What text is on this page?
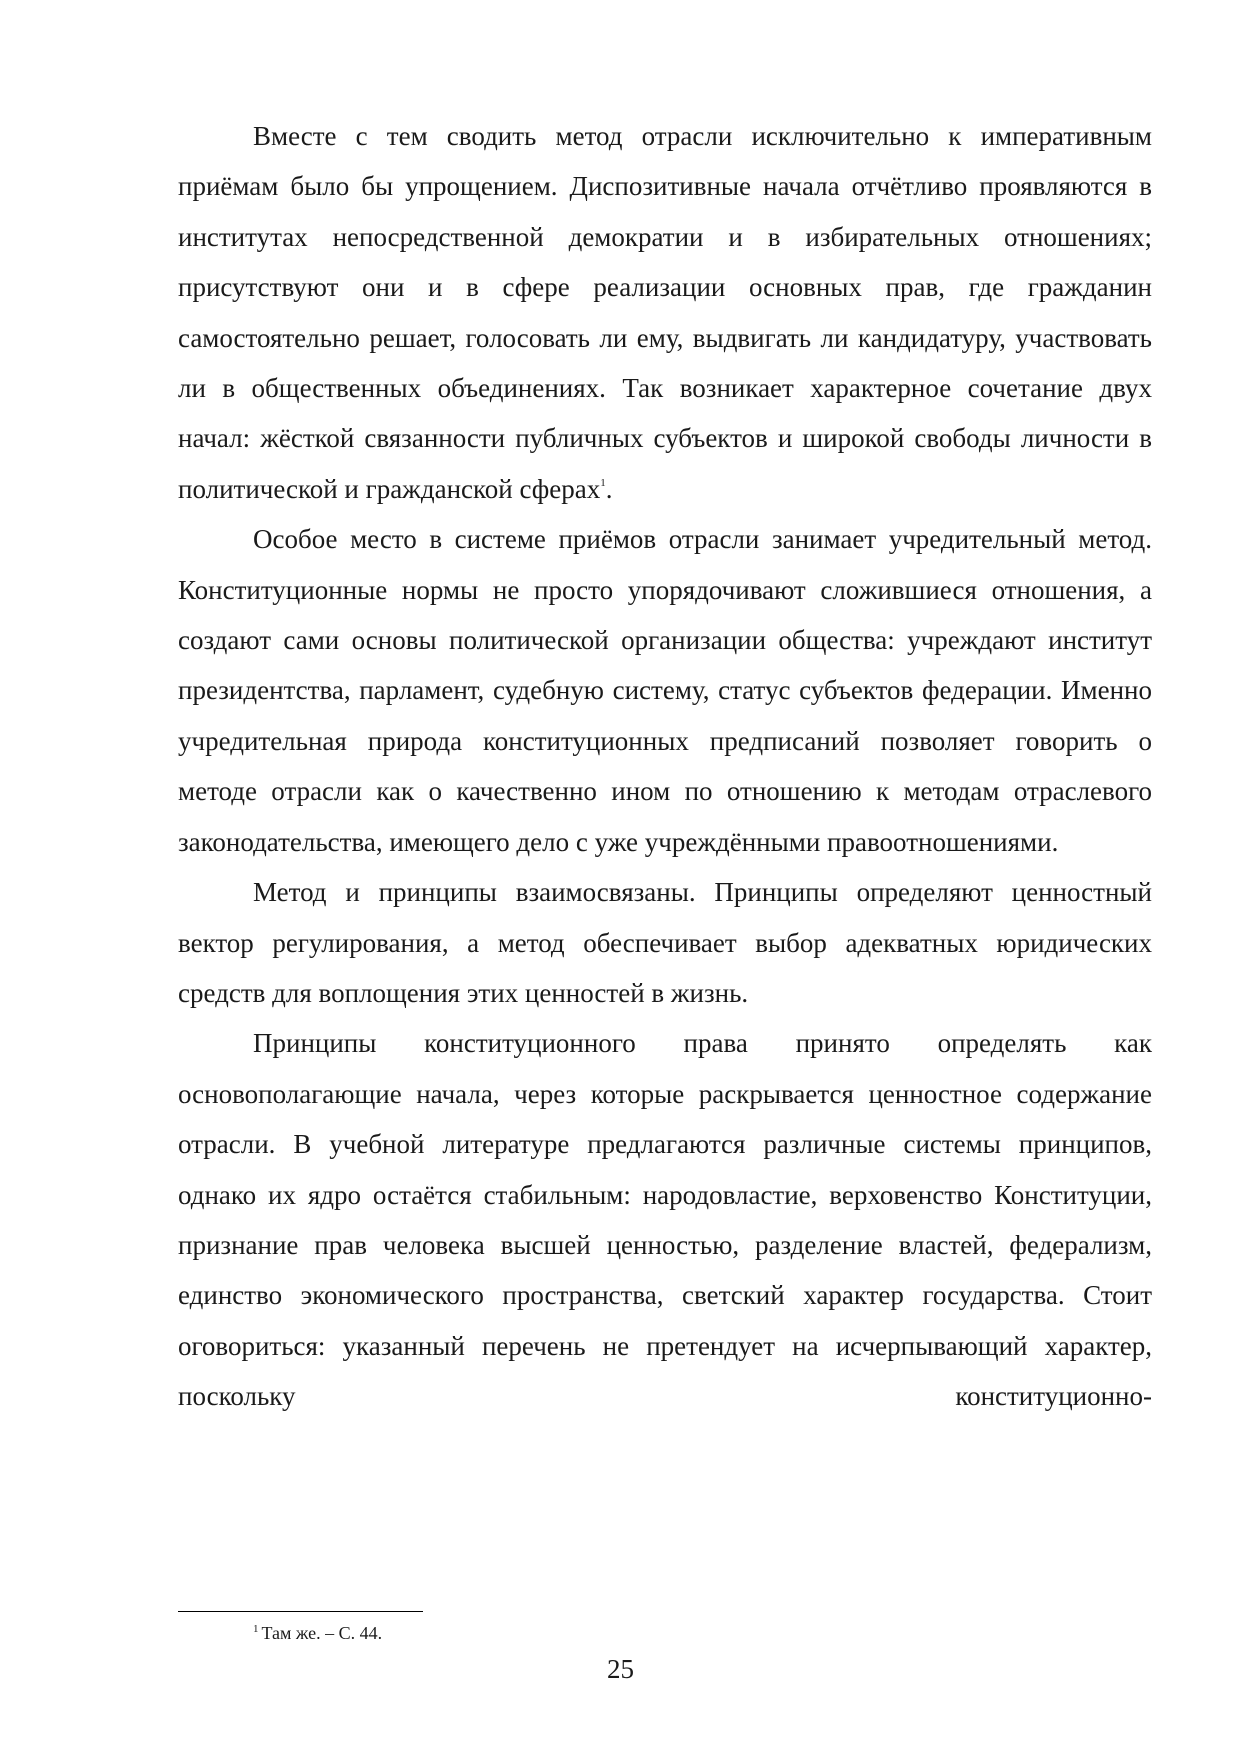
Вместе с тем сводить метод отрасли исключительно к императивным приёмам было бы упрощением. Диспозитивные начала отчётливо проявляются в институтах непосредственной демократии и в избирательных отношениях; присутствуют они и в сфере реализации основных прав, где гражданин самостоятельно решает, голосовать ли ему, выдвигать ли кандидатуру, участвовать ли в общественных объединениях. Так возникает характерное сочетание двух начал: жёсткой связанности публичных субъектов и широкой свободы личности в политической и гражданской сферах$^1$.

Особое место в системе приёмов отрасли занимает учредительный метод. Конституционные нормы не просто упорядочивают сложившиеся отношения, а создают сами основы политической организации общества: учреждают институт президентства, парламент, судебную систему, статус субъектов федерации. Именно учредительная природа конституционных предписаний позволяет говорить о методе отрасли как о качественно ином по отношению к методам отраслевого законодательства, имеющего дело с уже учреждёнными правоотношениями.

Метод и принципы взаимосвязаны. Принципы определяют ценностный вектор регулирования, а метод обеспечивает выбор адекватных юридических средств для воплощения этих ценностей в жизнь.

Принципы конституционного права принято определять как основополагающие начала, через которые раскрывается ценностное содержание отрасли. В учебной литературе предлагаются различные системы принципов, однако их ядро остаётся стабильным: народовластие, верховенство Конституции, признание прав человека высшей ценностью, разделение властей, федерализм, единство экономического пространства, светский характер государства. Стоит оговориться: указанный перечень не претендует на исчерпывающий характер, поскольку конституционно-

$^1$ Там же. – С. 44.
25
